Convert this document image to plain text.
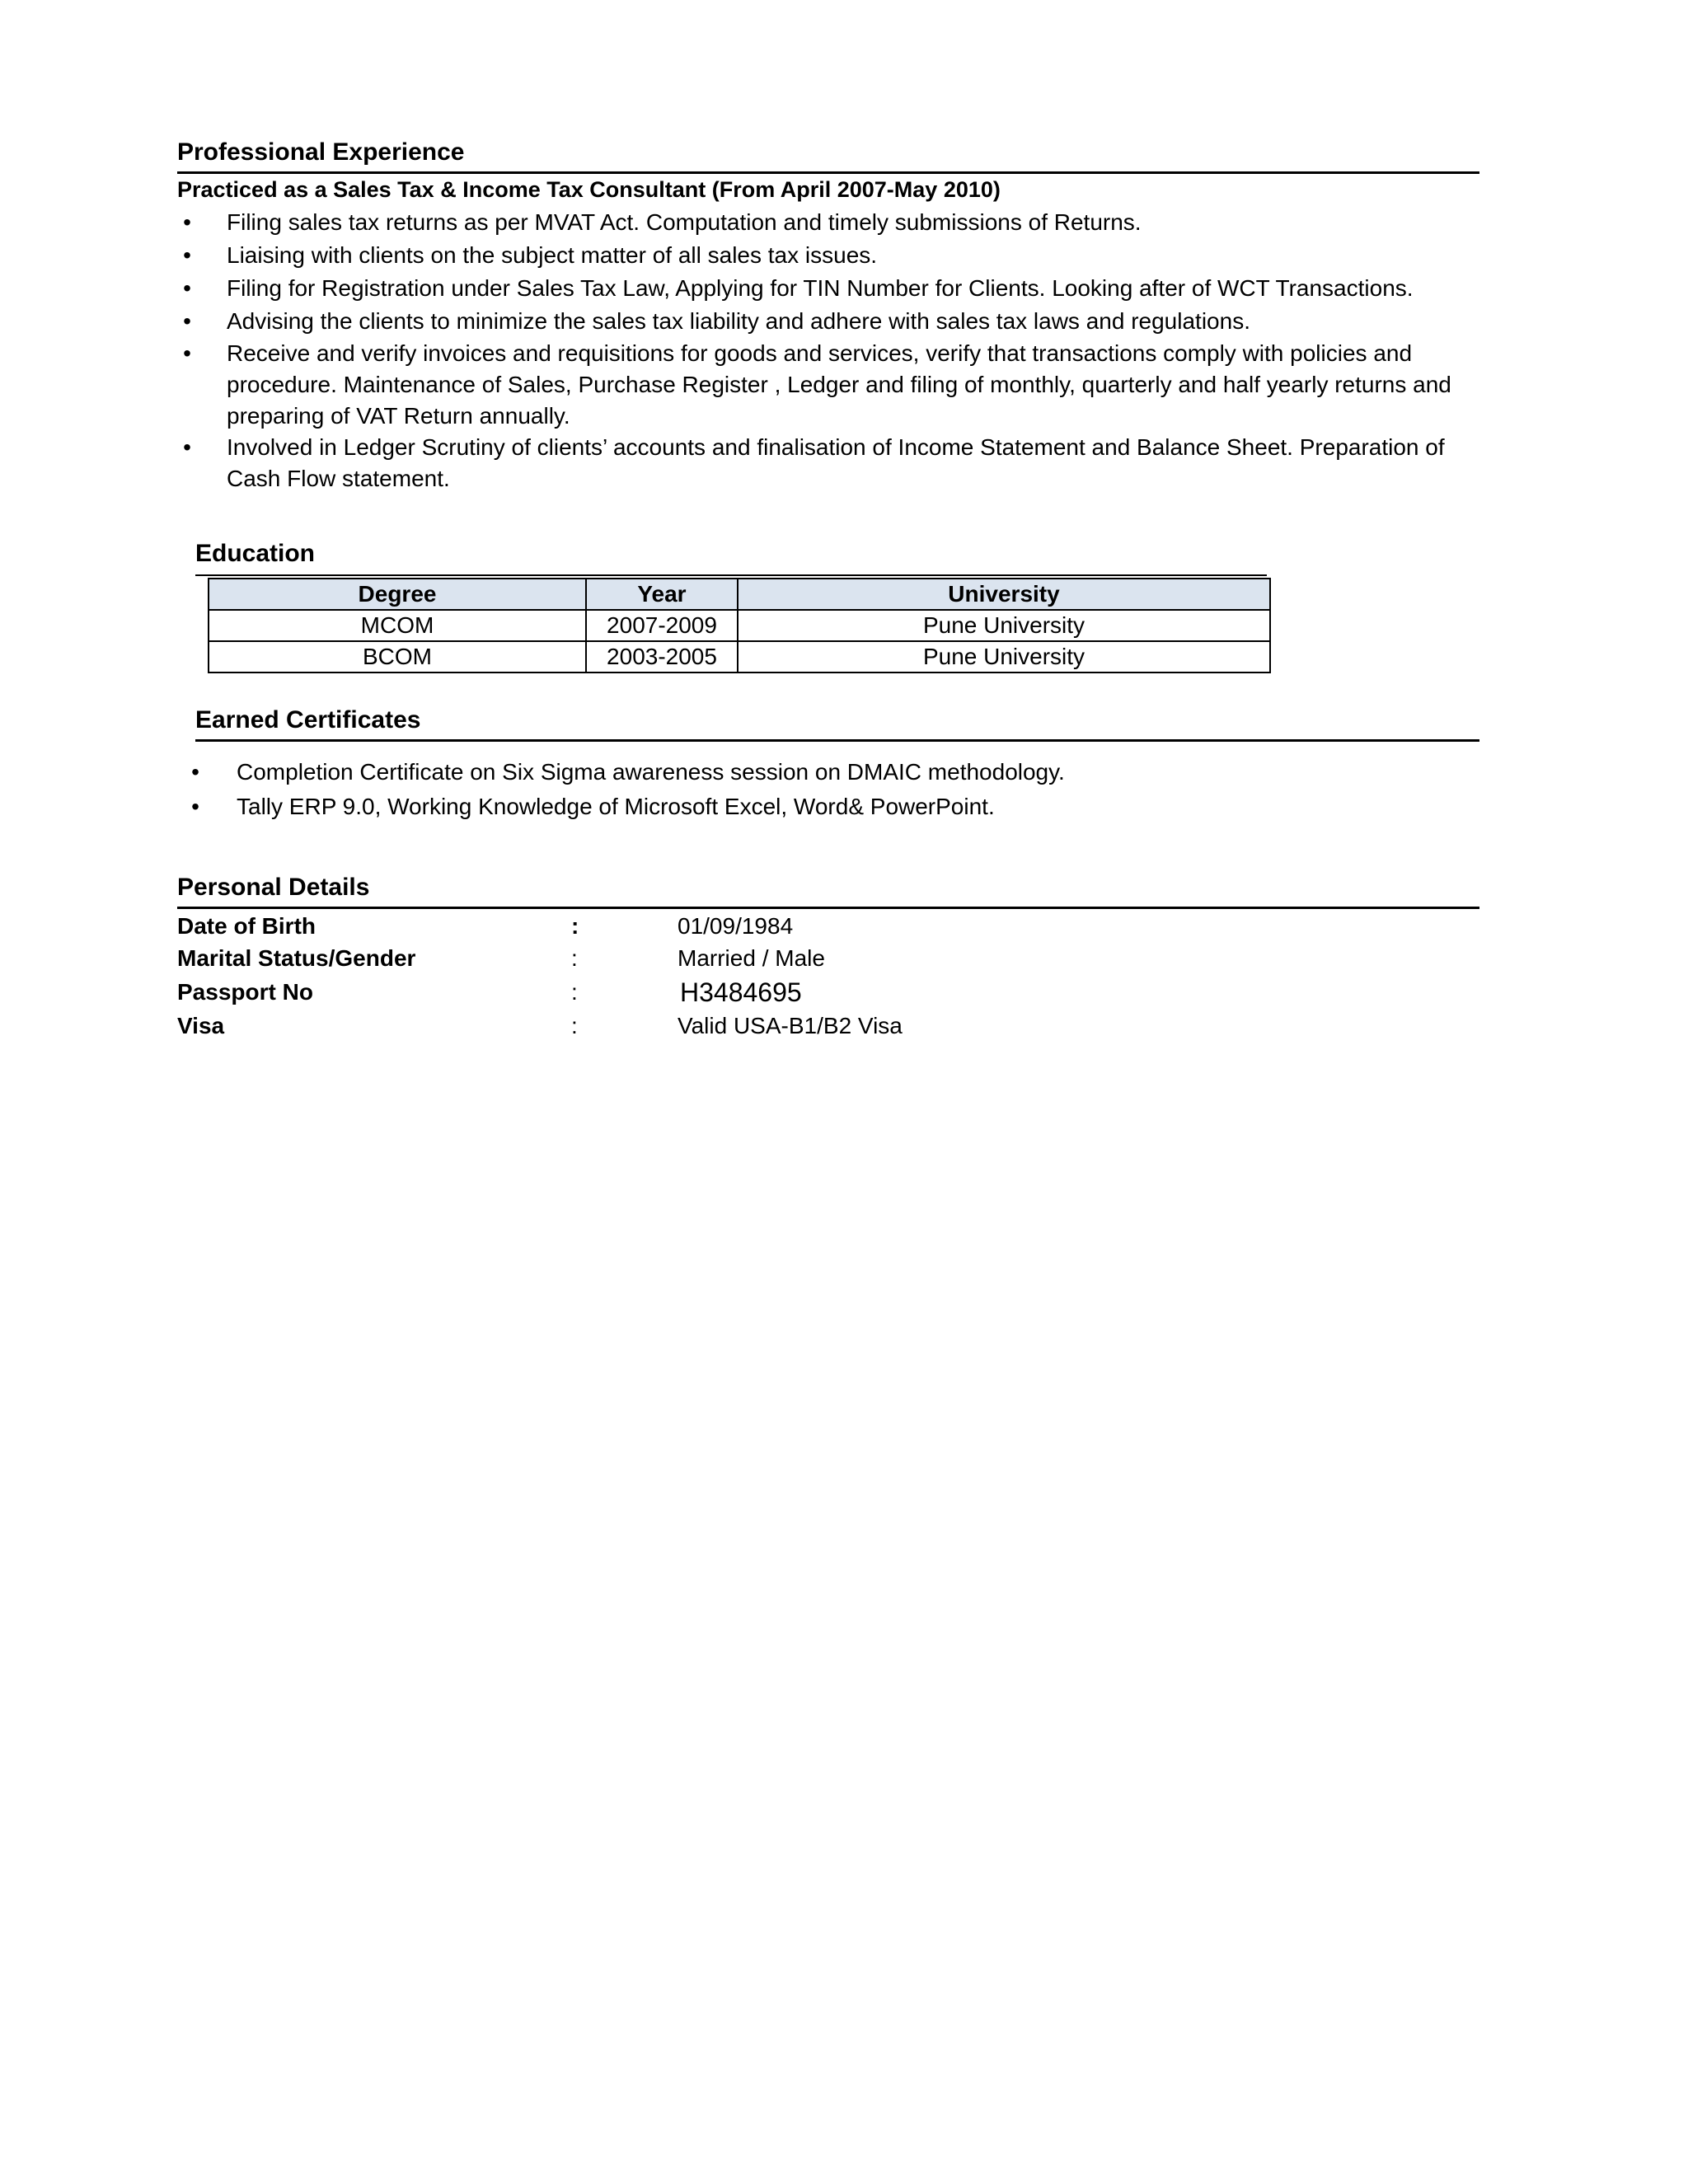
Professional Experience
Practiced as a Sales Tax & Income Tax Consultant (From April 2007-May 2010)
• Filing sales tax returns as per MVAT Act. Computation and timely submissions of Returns.
• Liaising with clients on the subject matter of all sales tax issues.
• Filing for Registration under Sales Tax Law, Applying for TIN Number for Clients. Looking after of WCT Transactions.
• Advising the clients to minimize the sales tax liability and adhere with sales tax laws and regulations.
• Receive and verify invoices and requisitions for goods and services, verify that transactions comply with policies and procedure. Maintenance of Sales, Purchase Register , Ledger and filing of monthly, quarterly and half yearly returns and preparing of VAT Return annually.
• Involved in Ledger Scrutiny of clients’ accounts and finalisation of Income Statement and Balance Sheet. Preparation of Cash Flow statement.
Education
Degree	Year	University
MCOM	2007-2009	Pune University
BCOM	2003-2005	Pune University
Earned Certificates
• Completion Certificate on Six Sigma awareness session on DMAIC methodology.
• Tally ERP 9.0, Working Knowledge of Microsoft Excel, Word& PowerPoint.
Personal Details
Date of Birth	:	01/09/1984
Marital Status/Gender	:	Married / Male
Passport No	:	H3484695
Visa	:	Valid USA-B1/B2 Visa
